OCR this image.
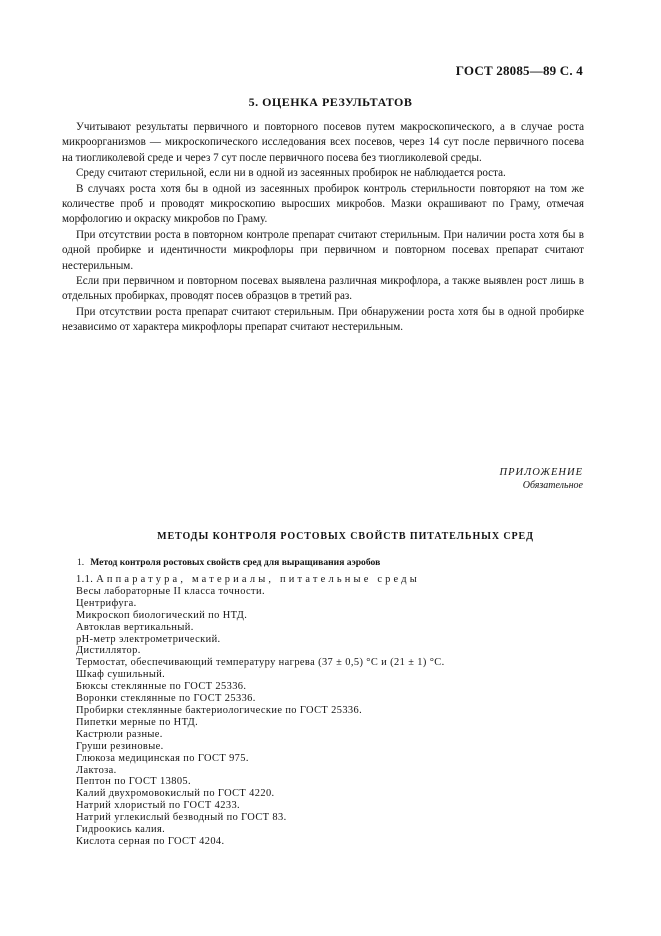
ГОСТ 28085—89 С. 4
5. ОЦЕНКА РЕЗУЛЬТАТОВ

Учитывают результаты первичного и повторного посевов путем макроскопического, а в случае роста микроорганизмов — микроскопического исследования всех посевов, через 14 сут после первичного посева на тиогликолевой среде и через 7 сут после первичного посева без тиогликолевой среды.

Среду считают стерильной, если ни в одной из засеянных пробирок не наблюдается роста.

В случаях роста хотя бы в одной из засеянных пробирок контроль стерильности повторяют на том же количестве проб и проводят микроскопию выросших микробов. Мазки окрашивают по Граму, отмечая морфологию и окраску микробов по Граму.

При отсутствии роста в повторном контроле препарат считают стерильным. При наличии роста хотя бы в одной пробирке и идентичности микрофлоры при первичном и повторном посевах препарат считают нестерильным.

Если при первичном и повторном посевах выявлена различная микрофлора, а также выявлен рост лишь в отдельных пробирках, проводят посев образцов в третий раз.

При отсутствии роста препарат считают стерильным. При обнаружении роста хотя бы в одной пробирке независимо от характера микрофлоры препарат считают нестерильным.

ПРИЛОЖЕНИЕ
Обязательное
МЕТОДЫ КОНТРОЛЯ РОСТОВЫХ СВОЙСТВ ПИТАТЕЛЬНЫХ СРЕД
1. Метод контроля ростовых свойств сред для выращивания аэробов
1.1. Аппаратура, материалы, питательные среды
Весы лабораторные II класса точности.
Центрифуга.
Микроскоп биологический по НТД.
Автоклав вертикальный.
pH-метр электрометрический.
Дистиллятор.
Термостат, обеспечивающий температуру нагрева (37 ± 0,5) °С и (21 ± 1) °С.
Шкаф сушильный.
Бюксы стеклянные по ГОСТ 25336.
Воронки стеклянные по ГОСТ 25336.
Пробирки стеклянные бактериологические по ГОСТ 25336.
Пипетки мерные по НТД.
Кастрюли разные.
Груши резиновые.
Глюкоза медицинская по ГОСТ 975.
Лактоза.
Пептон по ГОСТ 13805.
Калий двухромовокислый по ГОСТ 4220.
Натрий хлористый по ГОСТ 4233.
Натрий углекислый безводный по ГОСТ 83.
Гидроокись калия.
Кислота серная по ГОСТ 4204.
